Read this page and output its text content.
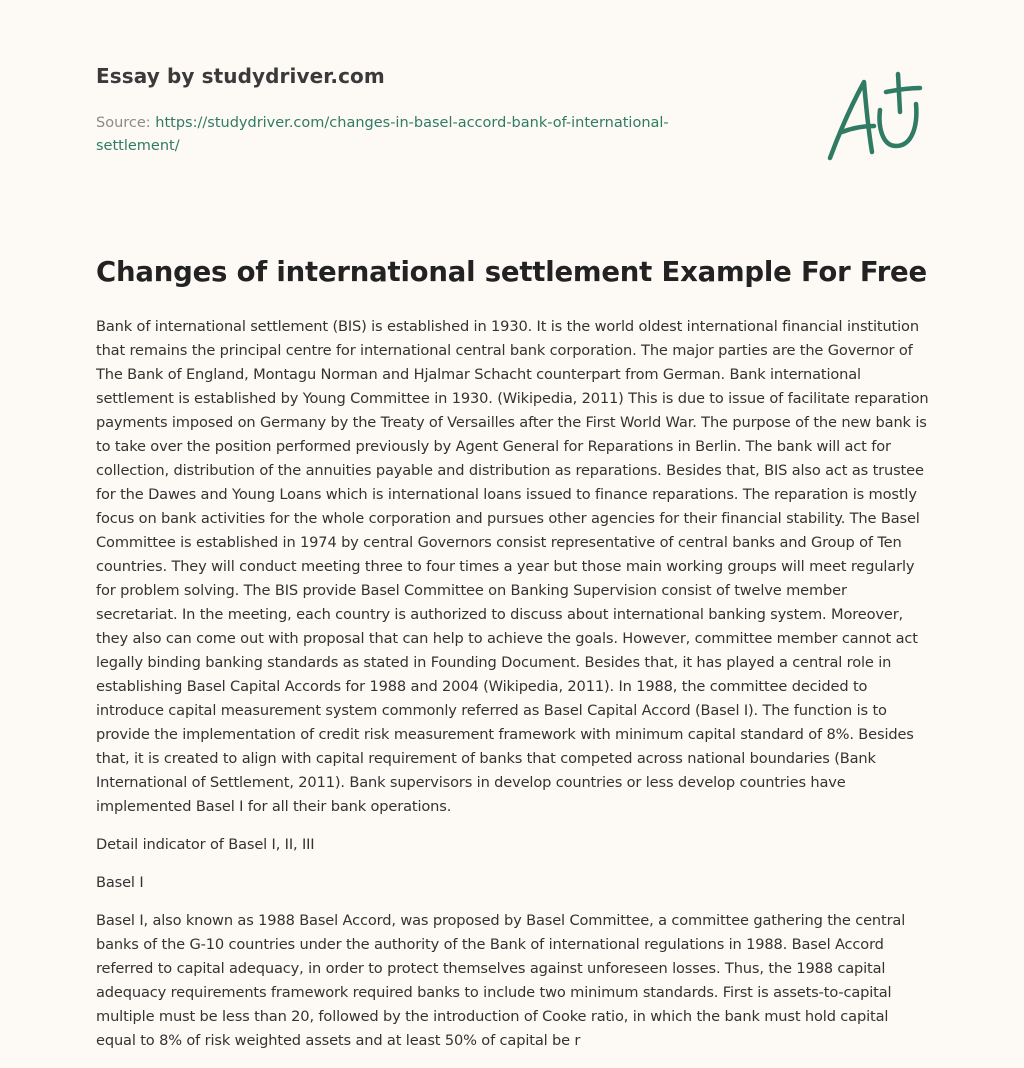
Essay by studydriver.com
Source: https://studydriver.com/changes-in-basel-accord-bank-of-international-settlement/
Changes of international settlement Example For Free

Bank of international settlement (BIS) is established in 1930. It is the world oldest international financial institution that remains the principal centre for international central bank corporation. The major parties are the Governor of The Bank of England, Montagu Norman and Hjalmar Schacht counterpart from German. Bank international settlement is established by Young Committee in 1930. (Wikipedia, 2011) This is due to issue of facilitate reparation payments imposed on Germany by the Treaty of Versailles after the First World War. The purpose of the new bank is to take over the position performed previously by Agent General for Reparations in Berlin. The bank will act for collection, distribution of the annuities payable and distribution as reparations. Besides that, BIS also act as trustee for the Dawes and Young Loans which is international loans issued to finance reparations. The reparation is mostly focus on bank activities for the whole corporation and pursues other agencies for their financial stability. The Basel Committee is established in 1974 by central Governors consist representative of central banks and Group of Ten countries. They will conduct meeting three to four times a year but those main working groups will meet regularly for problem solving. The BIS provide Basel Committee on Banking Supervision consist of twelve member secretariat. In the meeting, each country is authorized to discuss about international banking system. Moreover, they also can come out with proposal that can help to achieve the goals. However, committee member cannot act legally binding banking standards as stated in Founding Document. Besides that, it has played a central role in establishing Basel Capital Accords for 1988 and 2004 (Wikipedia, 2011). In 1988, the committee decided to introduce capital measurement system commonly referred as Basel Capital Accord (Basel I). The function is to provide the implementation of credit risk measurement framework with minimum capital standard of 8%. Besides that, it is created to align with capital requirement of banks that competed across national boundaries (Bank International of Settlement, 2011). Bank supervisors in develop countries or less develop countries have implemented Basel I for all their bank operations.

Detail indicator of Basel I, II, III

Basel I

Basel I, also known as 1988 Basel Accord, was proposed by Basel Committee, a committee gathering the central banks of the G-10 countries under the authority of the Bank of international regulations in 1988. Basel Accord referred to capital adequacy, in order to protect themselves against unforeseen losses. Thus, the 1988 capital adequacy requirements framework required banks to include two minimum standards. First is assets-to-capital multiple must be less than 20, followed by the introduction of Cooke ratio, in which the bank must hold capital equal to 8% of risk weighted assets and at least 50% of capital be r
